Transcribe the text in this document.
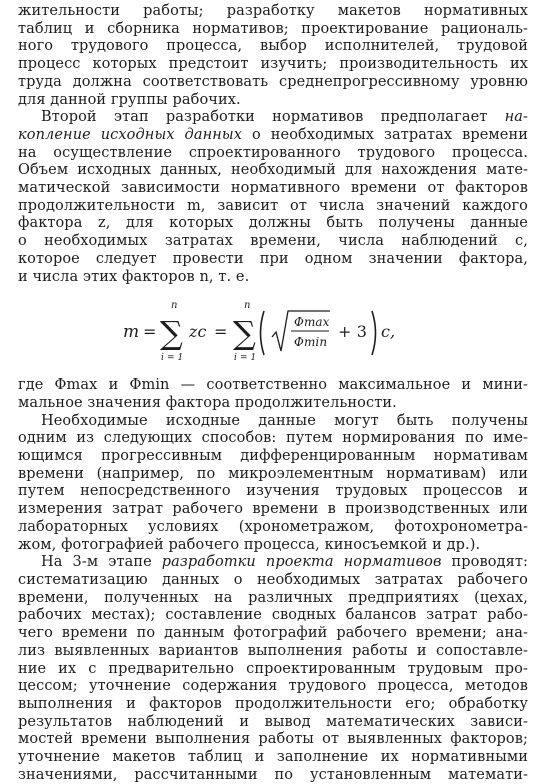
жительности работы; разработку макетов нормативных
таблиц и сборника нормативов; проектирование рациональ-
ного трудового процесса, выбор исполнителей, трудовой
процесс которых предстоит изучить; производительность их
труда должна соответствовать среднепрогрессивному уровню
для данной группы рабочих.
Второй этап разработки нормативов предполагает на-
копление исходных данных о необходимых затратах времени
на осуществление спроектированного трудового процесса.
Объем исходных данных, необходимый для нахождения мате-
матической зависимости нормативного времени от факторов
продолжительности m, зависит от числа значений каждого
фактора z, для которых должны быть получены данные
о необходимых затратах времени, числа наблюдений c,
которое следует провести при одном значении фактора,
и числа этих факторов n, т. е.
m =
n
∑
i = 1
zc =
n
∑
i = 1
Φmax
Φmin
+ 3 c,
где Φmax и Φmin — соответственно максимальное и мини-
мальное значения фактора продолжительности.
Необходимые исходные данные могут быть получены
одним из следующих способов: путем нормирования по име-
ющимся прогрессивным дифференцированным нормативам
времени (например, по микроэлементным нормативам) или
путем непосредственного изучения трудовых процессов и
измерения затрат рабочего времени в производственных или
лабораторных условиях (хронометражом, фотохронометра-
жом, фотографией рабочего процесса, киносъемкой и др.).
На 3-м этапе разработки проекта нормативов проводят:
систематизацию данных о необходимых затратах рабочего
времени, полученных на различных предприятиях (цехах,
рабочих местах); составление сводных балансов затрат рабо-
чего времени по данным фотографий рабочего времени; ана-
лиз выявленных вариантов выполнения работы и сопоставле-
ние их с предварительно спроектированным трудовым про-
цессом; уточнение содержания трудового процесса, методов
выполнения и факторов продолжительности его; обработку
результатов наблюдений и вывод математических зависи-
мостей времени выполнения работы от выявленных факторов;
уточнение макетов таблиц и заполнение их нормативными
значениями, рассчитанными по установленным математи-
